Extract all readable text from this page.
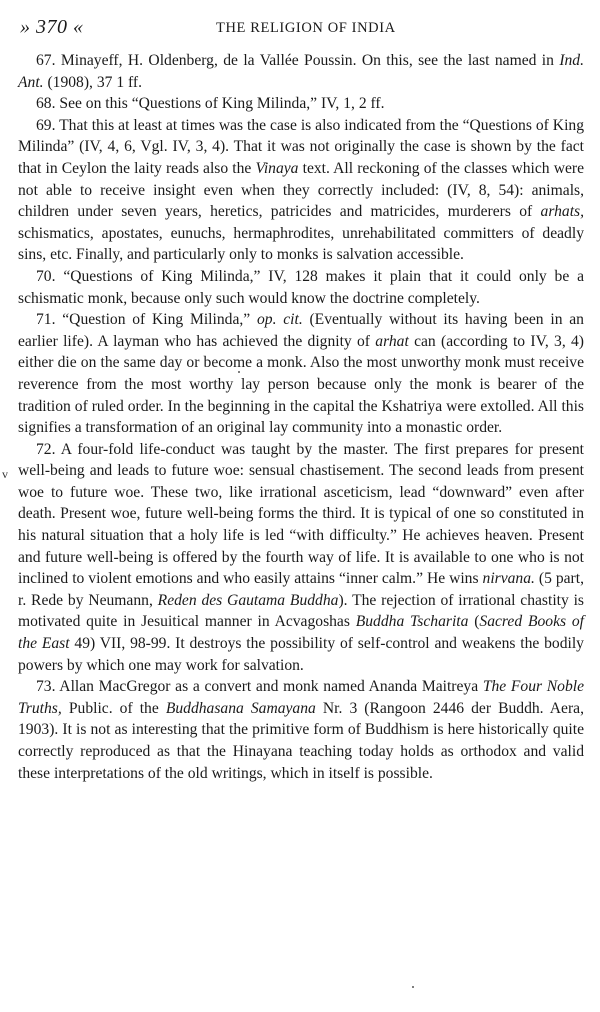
» 370 «	THE RELIGION OF INDIA

67. Minayeff, H. Oldenberg, de la Vallée Poussin. On this, see the last named in Ind. Ant. (1908), 37 1 ff.

68. See on this “Questions of King Milinda,” IV, 1, 2 ff.

69. That this at least at times was the case is also indicated from the “Questions of King Milinda” (IV, 4, 6, Vgl. IV, 3, 4). That it was not originally the case is shown by the fact that in Ceylon the laity reads also the Vinaya text. All reckoning of the classes which were not able to receive insight even when they correctly included: (IV, 8, 54): animals, children under seven years, heretics, patricides and matricides, murderers of arhats, schismatics, apostates, eunuchs, hermaphrodites, unrehabilitated committers of deadly sins, etc. Finally, and particularly only to monks is salvation accessible.

70. “Questions of King Milinda,” IV, 128 makes it plain that it could only be a schismatic monk, because only such would know the doctrine completely.

71. “Question of King Milinda,” op. cit. (Eventually without its having been in an earlier life). A layman who has achieved the dignity of arhat can (according to IV, 3, 4) either die on the same day or become a monk. Also the most unworthy monk must receive reverence from the most worthy lay person because only the monk is bearer of the tradition of ruled order. In the beginning in the capital the Kshatriya were extolled. All this signifies a transformation of an original lay community into a monastic order.

72. A four-fold life-conduct was taught by the master. The first prepares for present well-being and leads to future woe: sensual chastisement. The second leads from present woe to future woe. These two, like irrational asceticism, lead “downward” even after death. Present woe, future well-being forms the third. It is typical of one so constituted in his natural situation that a holy life is led “with difficulty.” He achieves heaven. Present and future well-being is offered by the fourth way of life. It is available to one who is not inclined to violent emotions and who easily attains “inner calm.” He wins nirvana. (5 part, r. Rede by Neumann, Reden des Gautama Buddha). The rejection of irrational chastity is motivated quite in Jesuitical manner in Acvagoshas Buddha Tscharita (Sacred Books of the East 49) VII, 98-99. It destroys the possibility of self-control and weakens the bodily powers by which one may work for salvation.

73. Allan MacGregor as a convert and monk named Ananda Maitreya The Four Noble Truths, Public. of the Buddhasana Samayana Nr. 3 (Rangoon 2446 der Buddh. Aera, 1903). It is not as interesting that the primitive form of Buddhism is here historically quite correctly reproduced as that the Hinayana teaching today holds as orthodox and valid these interpretations of the old writings, which in itself is possible.

v
